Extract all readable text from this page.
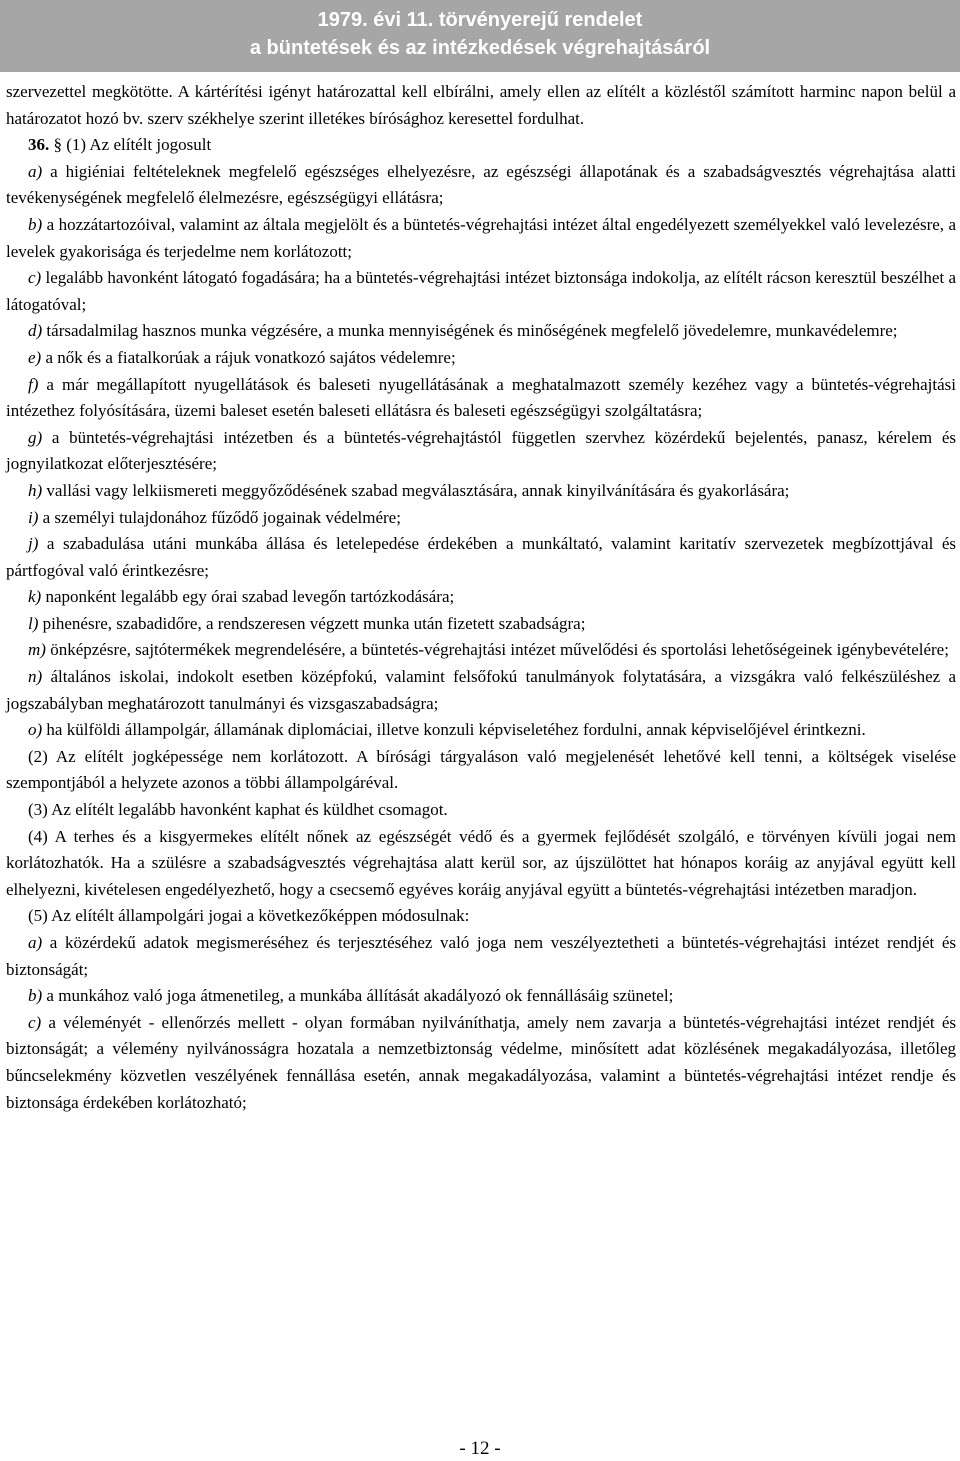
1979. évi 11. törvényerejű rendelet
a büntetések és az intézkedések végrehajtásáról

szervezettel megkötötte. A kártérítési igényt határozattal kell elbírálni, amely ellen az elítélt a közléstől számított harminc napon belül a határozatot hozó bv. szerv székhelye szerint illetékes bírósághoz keresettel fordulhat.

36. § (1) Az elítélt jogosult

a) a higiéniai feltételeknek megfelelő egészséges elhelyezésre, az egészségi állapotának és a szabadságvesztés végrehajtása alatti tevékenységének megfelelő élelmezésre, egészségügyi ellátásra;

b) a hozzátartozóival, valamint az általa megjelölt és a büntetés-végrehajtási intézet által engedélyezett személyekkel való levelezésre, a levelek gyakorisága és terjedelme nem korlátozott;

c) legalább havonként látogató fogadására; ha a büntetés-végrehajtási intézet biztonsága indokolja, az elítélt rácson keresztül beszélhet a látogatóval;

d) társadalmilag hasznos munka végzésére, a munka mennyiségének és minőségének megfelelő jövedelemre, munkavédelemre;

e) a nők és a fiatalkorúak a rájuk vonatkozó sajátos védelemre;

f) a már megállapított nyugellátások és baleseti nyugellátásának a meghatalmazott személy kezéhez vagy a büntetés-végrehajtási intézethez folyósítására, üzemi baleset esetén baleseti ellátásra és baleseti egészségügyi szolgáltatásra;

g) a büntetés-végrehajtási intézetben és a büntetés-végrehajtástól független szervhez közérdekű bejelentés, panasz, kérelem és jognyilatkozat előterjesztésére;

h) vallási vagy lelkiismereti meggyőződésének szabad megválasztására, annak kinyilvánítására és gyakorlására;

i) a személyi tulajdonához fűződő jogainak védelmére;

j) a szabadulása utáni munkába állása és letelepedése érdekében a munkáltató, valamint karitatív szervezetek megbízottjával és pártfogóval való érintkezésre;

k) naponként legalább egy órai szabad levegőn tartózkodására;

l) pihenésre, szabadidőre, a rendszeresen végzett munka után fizetett szabadságra;

m) önképzésre, sajtótermékek megrendelésére, a büntetés-végrehajtási intézet művelődési és sportolási lehetőségeinek igénybevételére;

n) általános iskolai, indokolt esetben középfokú, valamint felsőfokú tanulmányok folytatására, a vizsgákra való felkészüléshez a jogszabályban meghatározott tanulmányi és vizsgaszabadságra;

o) ha külföldi állampolgár, államának diplomáciai, illetve konzuli képviseletéhez fordulni, annak képviselőjével érintkezni.

(2) Az elítélt jogképessége nem korlátozott. A bírósági tárgyaláson való megjelenését lehetővé kell tenni, a költségek viselése szempontjából a helyzete azonos a többi állampolgáréval.

(3) Az elítélt legalább havonként kaphat és küldhet csomagot.

(4) A terhes és a kisgyermekes elítélt nőnek az egészségét védő és a gyermek fejlődését szolgáló, e törvényen kívüli jogai nem korlátozhatók. Ha a szülésre a szabadságvesztés végrehajtása alatt kerül sor, az újszülöttet hat hónapos koráig az anyjával együtt kell elhelyezni, kivételesen engedélyezhető, hogy a csecsemő egyéves koráig anyjával együtt a büntetés-végrehajtási intézetben maradjon.

(5) Az elítélt állampolgári jogai a következőképpen módosulnak:

a) a közérdekű adatok megismeréséhez és terjesztéséhez való joga nem veszélyeztetheti a büntetés-végrehajtási intézet rendjét és biztonságát;

b) a munkához való joga átmenetileg, a munkába állítását akadályozó ok fennállásáig szünetel;

c) a véleményét - ellenőrzés mellett - olyan formában nyilváníthatja, amely nem zavarja a büntetés-végrehajtási intézet rendjét és biztonságát; a vélemény nyilvánosságra hozatala a nemzetbiztonság védelme, minősített adat közlésének megakadályozása, illetőleg bűncselekmény közvetlen veszélyének fennállása esetén, annak megakadályozása, valamint a büntetés-végrehajtási intézet rendje és biztonsága érdekében korlátozható;

- 12 -
